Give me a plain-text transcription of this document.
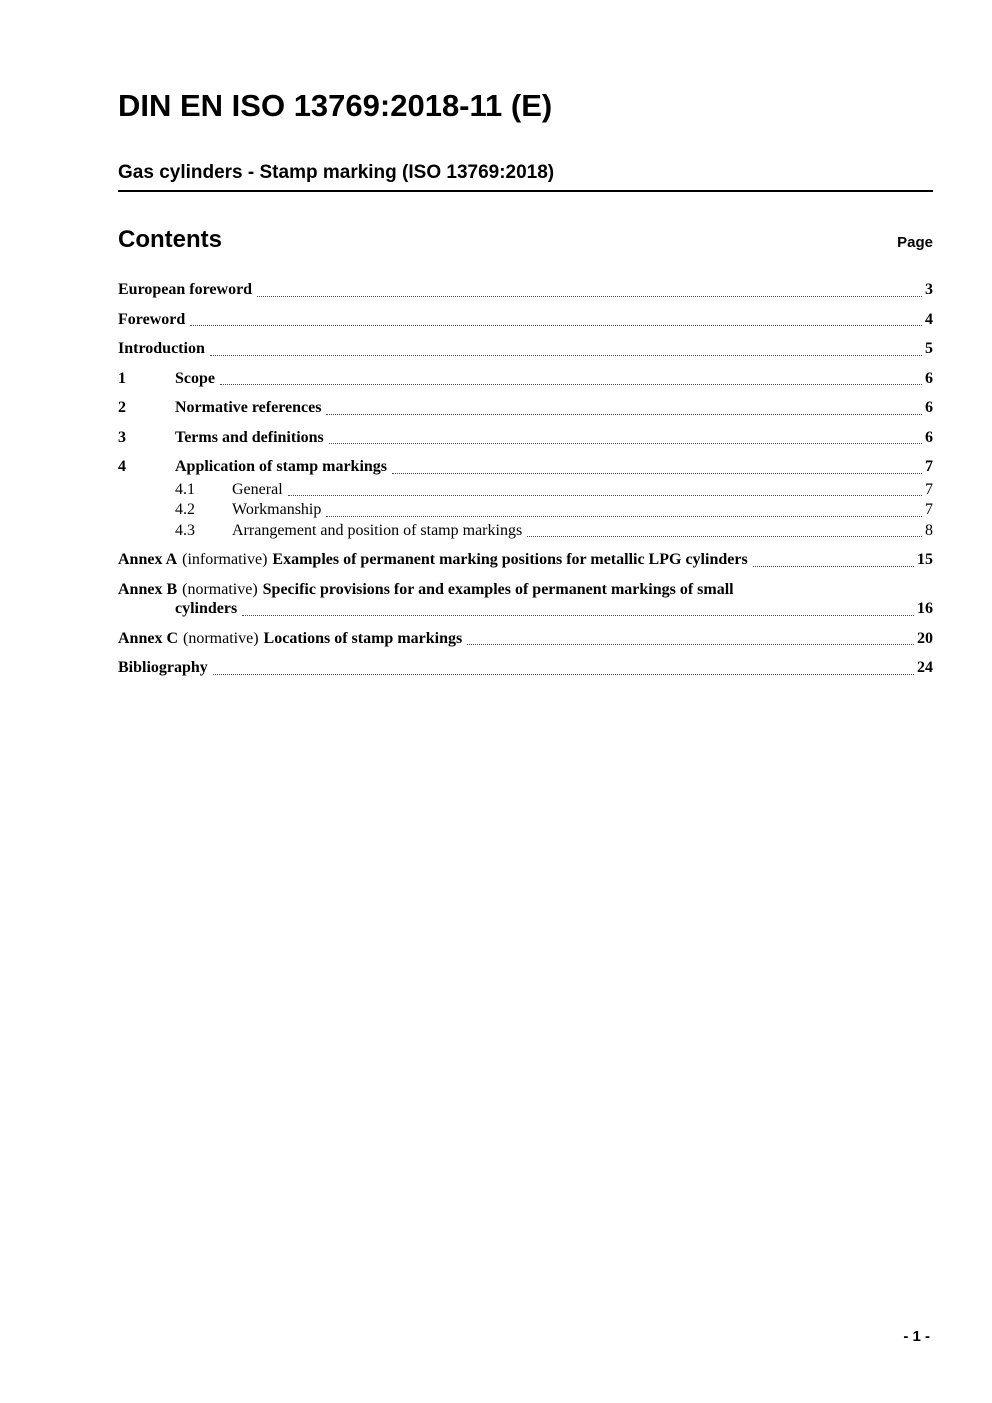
DIN EN ISO 13769:2018-11 (E)
Gas cylinders - Stamp marking (ISO 13769:2018)
Contents	Page
European foreword	3
Foreword	4
Introduction	5
1	Scope	6
2	Normative references	6
3	Terms and definitions	6
4	Application of stamp markings	7
4.1	General	7
4.2	Workmanship	7
4.3	Arrangement and position of stamp markings	8
Annex A (informative) Examples of permanent marking positions for metallic LPG cylinders	15
Annex B (normative) Specific provisions for and examples of permanent markings of small
cylinders	16
Annex C (normative) Locations of stamp markings	20
Bibliography	24
- 1 -
